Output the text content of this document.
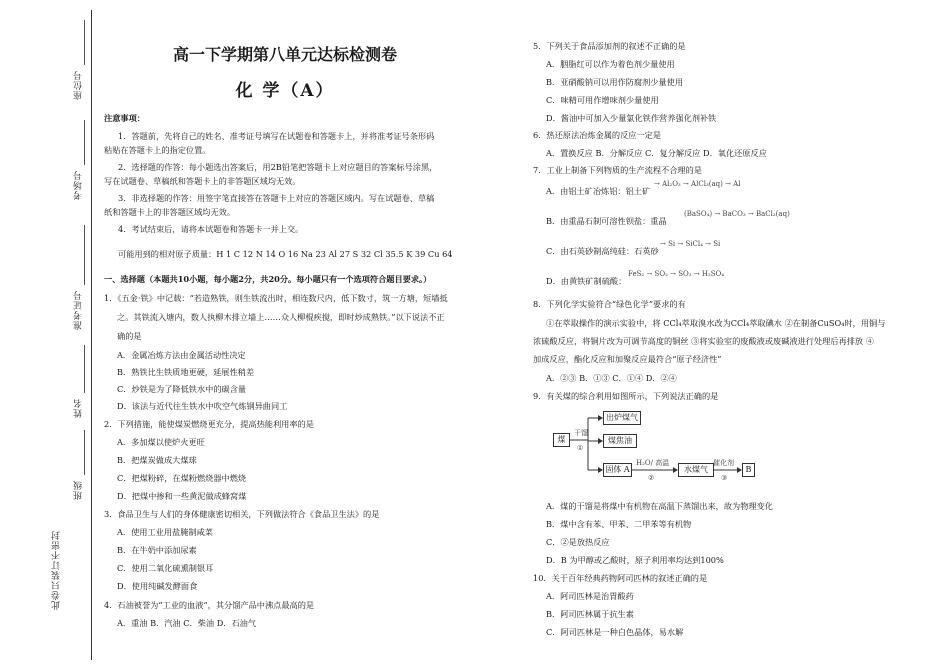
座位号
考场号
准考证号
姓名
班级
此卷只装订不密封
高一下学期第八单元达标检测卷
化 学（A）
注意事项：
1．答题前，先将自己的姓名、准考证号填写在试题卷和答题卡上，并将准考证号条形码
粘贴在答题卡上的指定位置。
2．选择题的作答：每小题选出答案后，用2B铅笔把答题卡上对应题目的答案标号涂黑，
写在试题卷、草稿纸和答题卡上的非答题区域均无效。
3．非选择题的作答：用签字笔直接答在答题卡上对应的答题区域内。写在试题卷、草稿
纸和答题卡上的非答题区域均无效。
4．考试结束后，请将本试题卷和答题卡一并上交。
可能用到的相对原子质量：H 1 C 12 N 14 O 16 Na 23 Al 27 S 32 Cl 35.5 K 39 Cu 64
一、选择题（本题共10小题，每小题2分，共20分。每小题只有一个选项符合题目要求。）
1．《五金·铁》中记载：“若造熟铁，则生铁流出时，相连数尺内，低下数寸，筑一方塘，短墙抵
之。其铁流入塘内，数人执柳木排立墙上……众人柳棍疾搅，即时炒成熟铁。”以下说法不正
确的是
A．金属冶炼方法由金属活动性决定
B．熟铁比生铁质地更硬，延展性稍差
C．炒铁是为了降低铁水中的碳含量
D．该法与近代往生铁水中吹空气炼钢异曲同工
2．下列措施，能使煤炭燃烧更充分，提高热能利用率的是
A．多加煤以使炉火更旺
B．把煤炭做成大煤球
C．把煤粉碎，在煤粉燃烧器中燃烧
D．把煤中掺和一些黄泥做成蜂窝煤
3．食品卫生与人们的身体健康密切相关，下列做法符合《食品卫生法》的是
A．使用工业用盐腌制咸菜
B．在牛奶中添加尿素
C．使用二氧化硫熏制银耳
D．使用纯碱发酵面食
4．石油被誉为“工业的血液”，其分馏产品中沸点最高的是
A．重油 B．汽油 C．柴油 D．石油气
5．下列关于食品添加剂的叙述不正确的是
A．胭脂红可以作为着色剂少量使用
B．亚硝酸钠可以用作防腐剂少量使用
C．味精可用作增味剂少量使用
D．酱油中可加入少量氯化铁作营养强化剂补铁
6．热还原法冶炼金属的反应一定是
A．置换反应 B．分解反应 C．复分解反应 D．氧化还原反应
7．工业上制备下列物质的生产流程不合理的是
A．由铝土矿冶炼铝：铝土矿
→ Al₂O₃ → AlCl₃(aq) → Al
B．由重晶石制可溶性钡盐：重晶
(BaSO₄) → BaCO₃ → BaCl₂(aq)
C．由石英砂制高纯硅：石英砂
→ Si → SiCl₄ → Si
D．由黄铁矿制硫酸：
FeS₂ → SO₂ → SO₃ → H₂SO₄
8．下列化学实验符合“绿色化学”要求的有
①在萃取操作的演示实验中，将 CCl₄萃取溴水改为CCl₄萃取碘水 ②在制备CuSO₄时，用铜与
浓硫酸反应，将铜片改为可调节高度的铜丝 ③将实验室的废酸液或废碱液进行处理后再排放 ④
加成反应，酯化反应和加聚反应最符合“原子经济性”
A．②③ B．①③ C．①④ D．②④
9．有关煤的综合利用如图所示，下列说法正确的是
煤
干馏
①
出炉煤气
煤焦油
固体 A
H₂O/ 高温
②
水煤气
催化剂
③
B
A．煤的干馏是将煤中有机物在高温下蒸馏出来，故为物理变化
B．煤中含有苯、甲苯、二甲苯等有机物
C．②是放热反应
D．B 为甲醇或乙酸时，原子利用率均达到100%
10．关于百年经典药物阿司匹林的叙述正确的是
A．阿司匹林是治胃酸药
B．阿司匹林属于抗生素
C．阿司匹林是一种白色晶体，易水解
